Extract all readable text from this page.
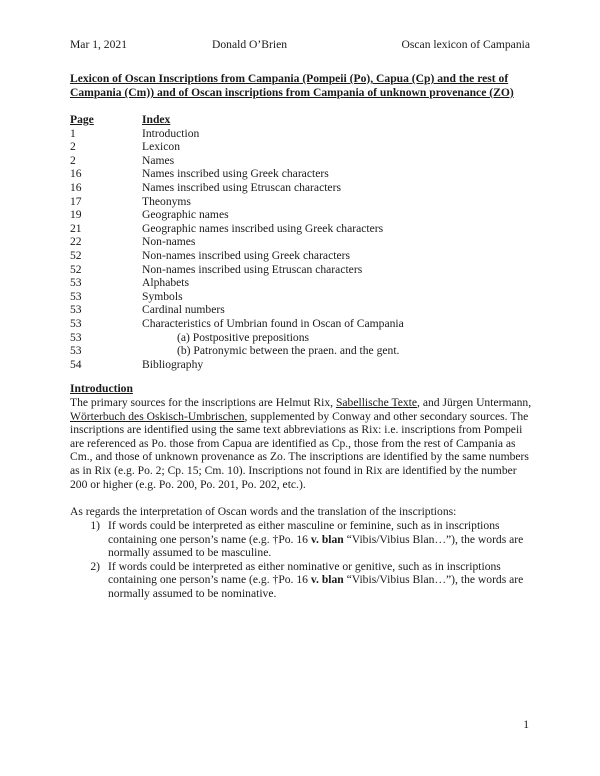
Mar 1, 2021	Donald O’Brien	Oscan lexicon of Campania
Lexicon of Oscan Inscriptions from Campania (Pompeii (Po), Capua (Cp) and the rest of Campania (Cm)) and of Oscan inscriptions from Campania of unknown provenance (ZO)
Page	Index
1	Introduction
2	Lexicon
2	Names
16	Names inscribed using Greek characters
16	Names inscribed using Etruscan characters
17	Theonyms
19	Geographic names
21	Geographic names inscribed using Greek characters
22	Non-names
52	Non-names inscribed using Greek characters
52	Non-names inscribed using Etruscan characters
53	Alphabets
53	Symbols
53	Cardinal numbers
53	Characteristics of Umbrian found in Oscan of Campania
53	(a) Postpositive prepositions
53	(b) Patronymic between the praen. and the gent.
54	Bibliography
Introduction
The primary sources for the inscriptions are Helmut Rix, Sabellische Texte, and Jürgen Untermann, Wörterbuch des Oskisch-Umbrischen, supplemented by Conway and other secondary sources. The inscriptions are identified using the same text abbreviations as Rix: i.e. inscriptions from Pompeii are referenced as Po. those from Capua are identified as Cp., those from the rest of Campania as Cm., and those of unknown provenance as Zo. The inscriptions are identified by the same numbers as in Rix (e.g. Po. 2; Cp. 15; Cm. 10). Inscriptions not found in Rix are identified by the number 200 or higher (e.g. Po. 200, Po. 201, Po. 202, etc.).
As regards the interpretation of Oscan words and the translation of the inscriptions:
1) If words could be interpreted as either masculine or feminine, such as in inscriptions containing one person’s name (e.g. †Po. 16 v. blan “Vibis/Vibius Blan…”), the words are normally assumed to be masculine.
2) If words could be interpreted as either nominative or genitive, such as in inscriptions containing one person’s name (e.g. †Po. 16 v. blan “Vibis/Vibius Blan…”), the words are normally assumed to be nominative.
1
